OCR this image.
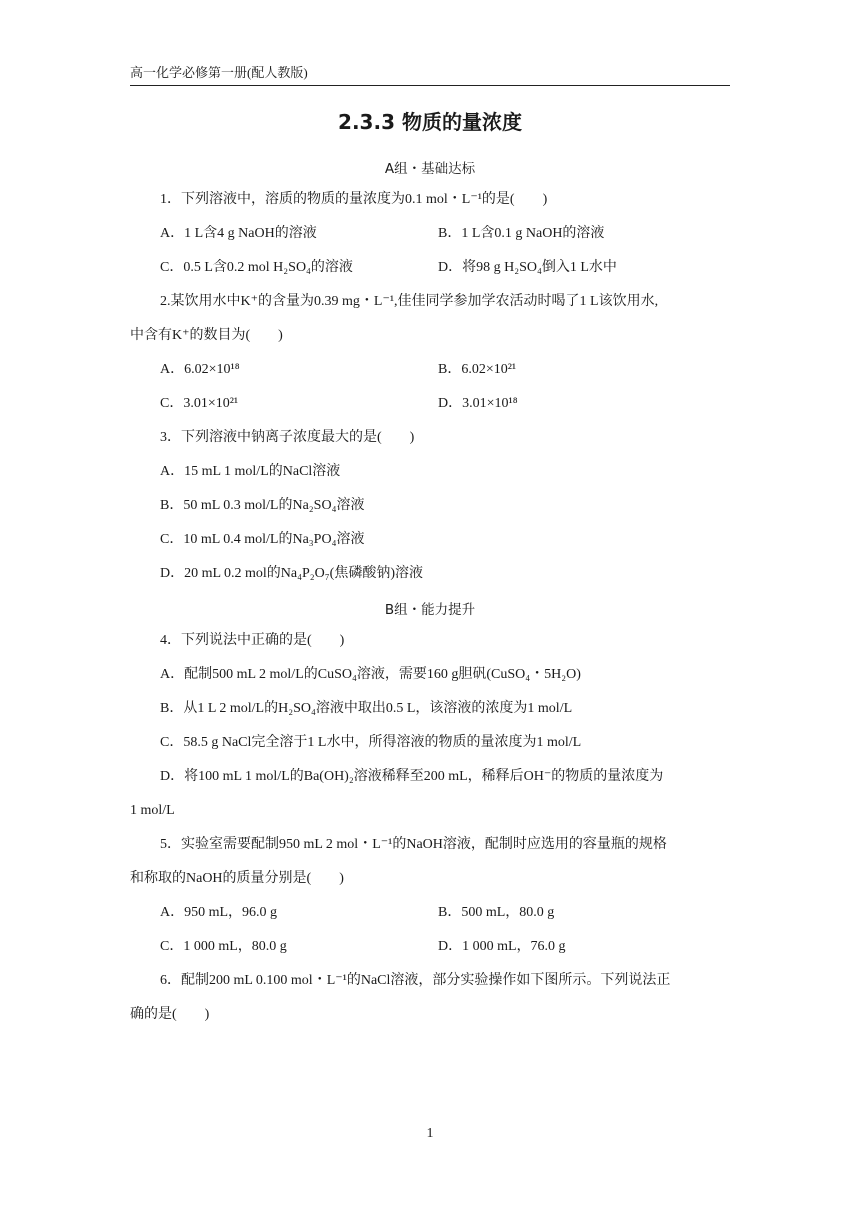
高一化学必修第一册(配人教版)
2.3.3 物质的量浓度
A组・基础达标
1．下列溶液中，溶质的物质的量浓度为0.1 mol・L⁻¹的是(　　)
A．1 L含4 g NaOH的溶液	B．1 L含0.1 g NaOH的溶液
C．0.5 L含0.2 mol H₂SO₄的溶液	D．将98 g H₂SO₄倒入1 L水中
2.某饮用水中K⁺的含量为0.39 mg・L⁻¹,佳佳同学参加学农活动时喝了1 L该饮用水,
中含有K⁺的数目为(　　)
A．6.02×10¹⁸	B．6.02×10²¹
C．3.01×10²¹	D．3.01×10¹⁸
3．下列溶液中钠离子浓度最大的是(　　)
A．15 mL 1 mol/L的NaCl溶液
B．50 mL 0.3 mol/L的Na₂SO₄溶液
C．10 mL 0.4 mol/L的Na₃PO₄溶液
D．20 mL 0.2 mol的Na₄P₂O₇(焦磷酸钠)溶液
B组・能力提升
4．下列说法中正确的是(　　)
A．配制500 mL 2 mol/L的CuSO₄溶液，需要160 g胆矾(CuSO₄・5H₂O)
B．从1 L 2 mol/L的H₂SO₄溶液中取出0.5 L，该溶液的浓度为1 mol/L
C．58.5 g NaCl完全溶于1 L水中，所得溶液的物质的量浓度为1 mol/L
D．将100 mL 1 mol/L的Ba(OH)₂溶液稀释至200 mL，稀释后OH⁻的物质的量浓度为
1 mol/L
5．实验室需要配制950 mL 2 mol・L⁻¹的NaOH溶液，配制时应选用的容量瓶的规格
和称取的NaOH的质量分别是(　　)
A．950 mL，96.0 g	B．500 mL，80.0 g
C．1 000 mL，80.0 g	D．1 000 mL，76.0 g
6．配制200 mL 0.100 mol・L⁻¹的NaCl溶液，部分实验操作如下图所示。下列说法正
确的是(　　)
1
